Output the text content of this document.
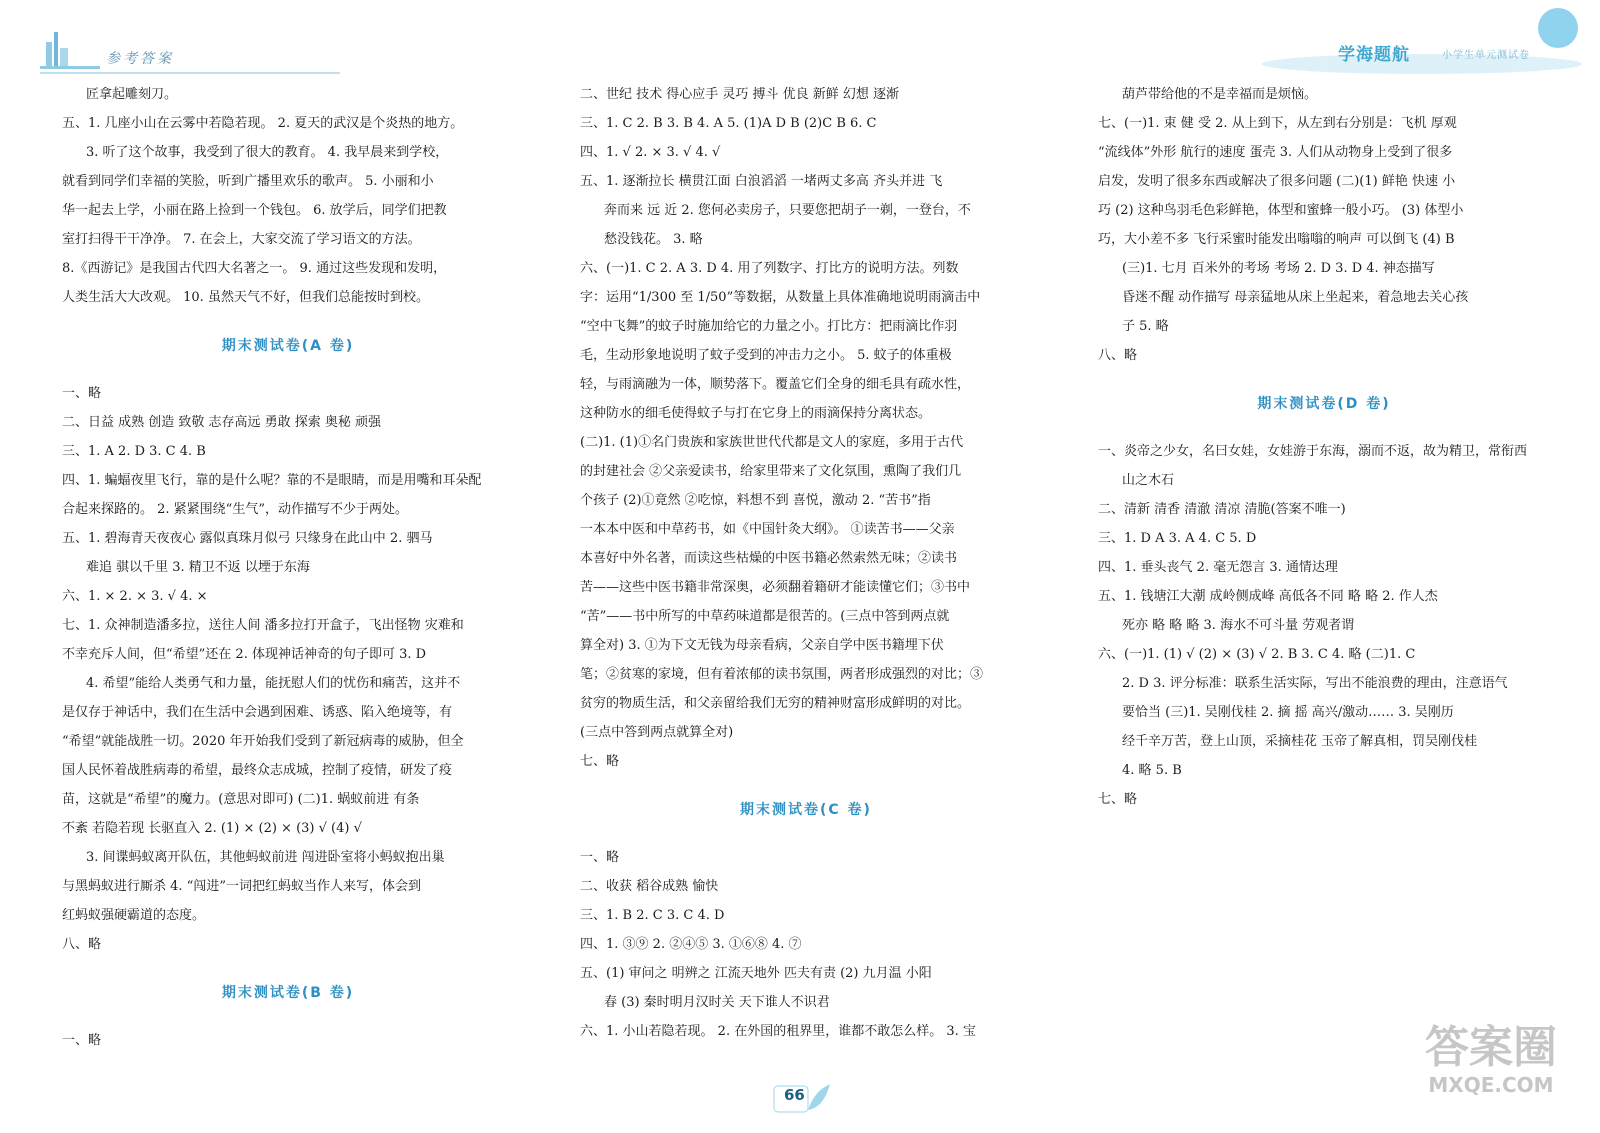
参考答案	学海题航	小学生单元测试卷

匠拿起雕刻刀。

五、1. 几座小山在云雾中若隐若现。 2. 夏天的武汉是个炎热的地方。

3. 听了这个故事，我受到了很大的教育。 4. 我早晨来到学校，

就看到同学们幸福的笑脸，听到广播里欢乐的歌声。 5. 小丽和小

华一起去上学，小丽在路上捡到一个钱包。 6. 放学后，同学们把教

室打扫得干干净净。 7. 在会上，大家交流了学习语文的方法。

8.《西游记》是我国古代四大名著之一。 9. 通过这些发现和发明，

人类生活大大改观。 10. 虽然天气不好，但我们总能按时到校。

期末测试卷(A 卷)

一、略

二、日益 成熟 创造 致敬 志存高远 勇敢 探索 奥秘 顽强

三、1. A 2. D 3. C 4. B

四、1. 蝙蝠夜里飞行，靠的是什么呢？靠的不是眼睛，而是用嘴和耳朵配

合起来探路的。 2. 紧紧围绕“生气”，动作描写不少于两处。

五、1. 碧海青天夜夜心 露似真珠月似弓 只缘身在此山中 2. 驷马

难追 骐以千里 3. 精卫不返 以堙于东海

六、1. × 2. × 3. √ 4. ×

七、1. 众神制造潘多拉，送往人间 潘多拉打开盒子，飞出怪物 灾难和

不幸充斥人间，但“希望”还在 2. 体现神话神奇的句子即可 3. D

4. 希望”能给人类勇气和力量，能抚慰人们的忧伤和痛苦，这并不

是仅存于神话中，我们在生活中会遇到困难、诱惑、陷入绝境等，有

“希望”就能战胜一切。2020 年开始我们受到了新冠病毒的威胁，但全

国人民怀着战胜病毒的希望，最终众志成城，控制了疫情，研发了疫

苗，这就是“希望”的魔力。(意思对即可) (二)1. 蜗蚁前进 有条

不紊 若隐若现 长驱直入 2. (1) × (2) × (3) √ (4) √

3. 间谍蚂蚁离开队伍，其他蚂蚁前进 闯进卧室将小蚂蚁抱出巢

与黑蚂蚁进行厮杀 4. “闯进”一词把红蚂蚁当作人来写，体会到

红蚂蚁强硬霸道的态度。

八、略

期末测试卷(B 卷)

一、略

二、世纪 技术 得心应手 灵巧 搏斗 优良 新鲜 幻想 逐渐

三、1. C 2. B 3. B 4. A 5. (1)A D B (2)C B 6. C

四、1. √ 2. × 3. √ 4. √

五、1. 逐渐拉长 横贯江面 白浪滔滔 一堵两丈多高 齐头并进 飞

奔而来 远 近 2. 您何必卖房子，只要您把胡子一剃，一登台，不

愁没钱花。 3. 略

六、(一)1. C 2. A 3. D 4. 用了列数字、打比方的说明方法。列数

字：运用“1/300 至 1/50”等数据，从数量上具体准确地说明雨滴击中

“空中飞舞”的蚊子时施加给它的力量之小。打比方：把雨滴比作羽

毛，生动形象地说明了蚊子受到的冲击力之小。 5. 蚊子的体重极

轻，与雨滴融为一体，顺势落下。覆盖它们全身的细毛具有疏水性，

这种防水的细毛使得蚊子与打在它身上的雨滴保持分离状态。

(二)1. (1)①名门贵族和家族世世代代都是文人的家庭，多用于古代

的封建社会 ②父亲爱读书，给家里带来了文化氛围，熏陶了我们几

个孩子 (2)①竟然 ②吃惊，料想不到 喜悦，激动 2. “苦书”指

一本本中医和中草药书，如《中国针灸大纲》。 ①读苦书——父亲

本喜好中外名著，而读这些枯燥的中医书籍必然索然无味；②读书

苦——这些中医书籍非常深奥，必须翻着籍研才能读懂它们；③书中

“苦”——书中所写的中草药味道都是很苦的。(三点中答到两点就

算全对) 3. ①为下文无钱为母亲看病，父亲自学中医书籍埋下伏

笔；②贫寒的家境，但有着浓郁的读书氛围，两者形成强烈的对比；③

贫穷的物质生活，和父亲留给我们无穷的精神财富形成鲜明的对比。

(三点中答到两点就算全对)

七、略

期末测试卷(C 卷)

一、略

二、收获 稻谷成熟 愉快

三、1. B 2. C 3. C 4. D

四、1. ③⑨ 2. ②④⑤ 3. ①⑥⑧ 4. ⑦

五、(1) 审问之 明辨之 江流天地外 匹夫有责 (2) 九月温 小阳

春 (3) 秦时明月汉时关 天下谁人不识君

六、1. 小山若隐若现。 2. 在外国的租界里，谁都不敢怎么样。 3. 宝

葫芦带给他的不是幸福而是烦恼。

七、(一)1. 束 健 受 2. 从上到下，从左到右分别是：飞机 厚观

“流线体”外形 航行的速度 蛋壳 3. 人们从动物身上受到了很多

启发，发明了很多东西或解决了很多问题 (二)(1) 鲜艳 快速 小

巧 (2) 这种鸟羽毛色彩鲜艳，体型和蜜蜂一般小巧。 (3) 体型小

巧，大小差不多 飞行采蜜时能发出嗡嗡的响声 可以倒飞 (4) B

(三)1. 七月 百米外的考场 考场 2. D 3. D 4. 神态描写

昏迷不醒 动作描写 母亲猛地从床上坐起来，着急地去关心孩

子 5. 略

八、略

期末测试卷(D 卷)

一、炎帝之少女，名曰女娃，女娃游于东海，溺而不返，故为精卫，常衔西

山之木石

二、清新 清香 清澈 清凉 清脆(答案不唯一)

三、1. D A 3. A 4. C 5. D

四、1. 垂头丧气 2. 毫无怨言 3. 通情达理

五、1. 钱塘江大潮 成岭侧成峰 高低各不同 略 略 2. 作人杰

死亦 略 略 略 3. 海水不可斗量 劳观者谓

六、(一)1. (1) √ (2) × (3) √ 2. B 3. C 4. 略 (二)1. C

2. D 3. 评分标准：联系生活实际，写出不能浪费的理由，注意语气

要恰当 (三)1. 吴刚伐桂 2. 摘 摇 高兴/激动…… 3. 吴刚历

经千辛万苦，登上山顶，采摘桂花 玉帝了解真相，罚吴刚伐桂

4. 略 5. B

七、略

66
答案圈
MXQE.COM
